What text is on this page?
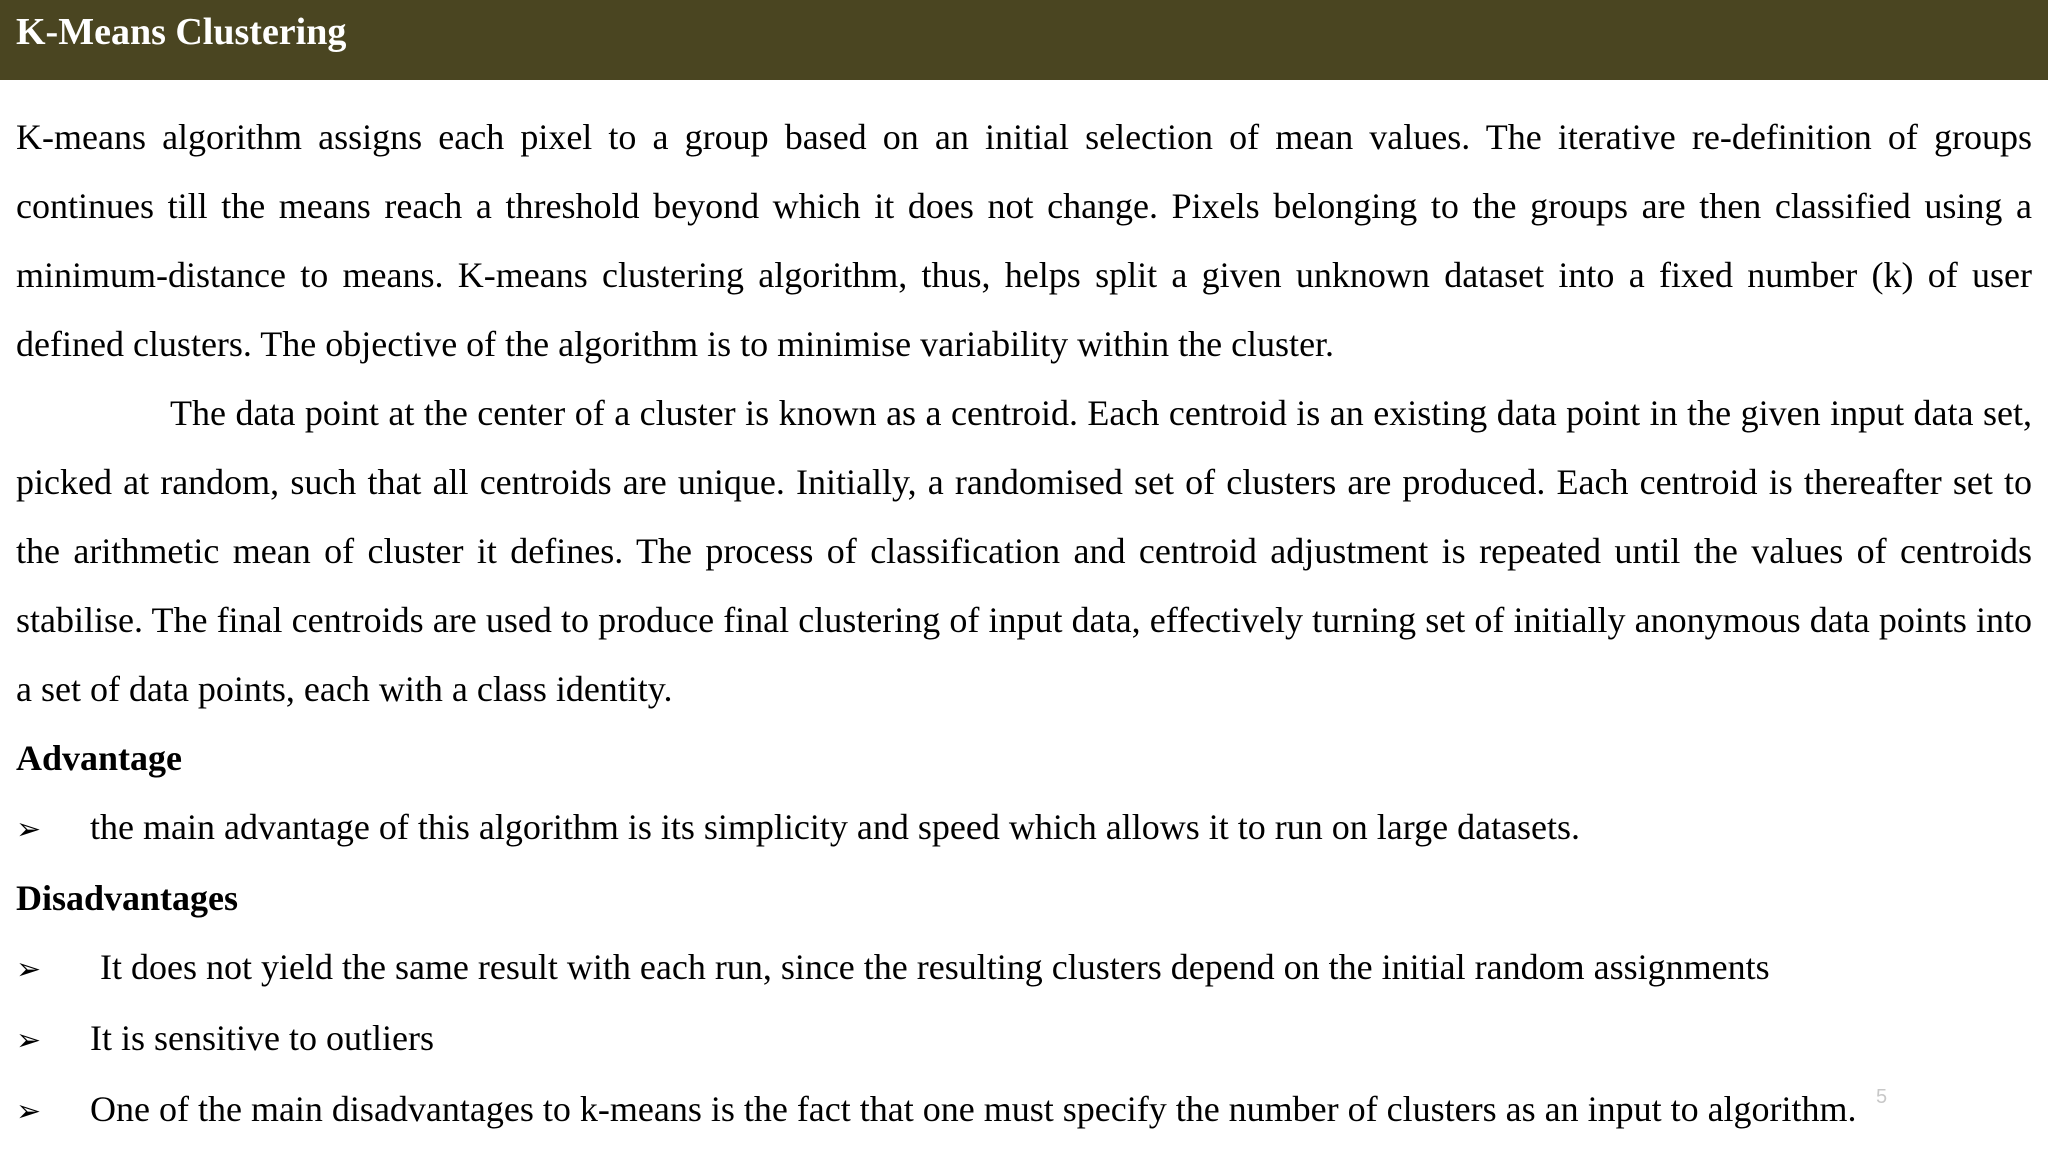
K-Means Clustering

K-means algorithm assigns each pixel to a group based on an initial selection of mean values. The iterative re-definition of groups continues till the means reach a threshold beyond which it does not change. Pixels belonging to the groups are then classified using a minimum-distance to means. K-means clustering algorithm, thus, helps split a given unknown dataset into a fixed number (k) of user defined clusters. The objective of the algorithm is to minimise variability within the cluster.

The data point at the center of a cluster is known as a centroid. Each centroid is an existing data point in the given input data set, picked at random, such that all centroids are unique. Initially, a randomised set of clusters are produced. Each centroid is thereafter set to the arithmetic mean of cluster it defines. The process of classification and centroid adjustment is repeated until the values of centroids stabilise. The final centroids are used to produce final clustering of input data, effectively turning set of initially anonymous data points into a set of data points, each with a class identity.

Advantage
➢	the main advantage of this algorithm is its simplicity and speed which allows it to run on large datasets.
Disadvantages
➢	It does not yield the same result with each run, since the resulting clusters depend on the initial random assignments
➢	It is sensitive to outliers
➢	One of the main disadvantages to k-means is the fact that one must specify the number of clusters as an input to algorithm. 5
